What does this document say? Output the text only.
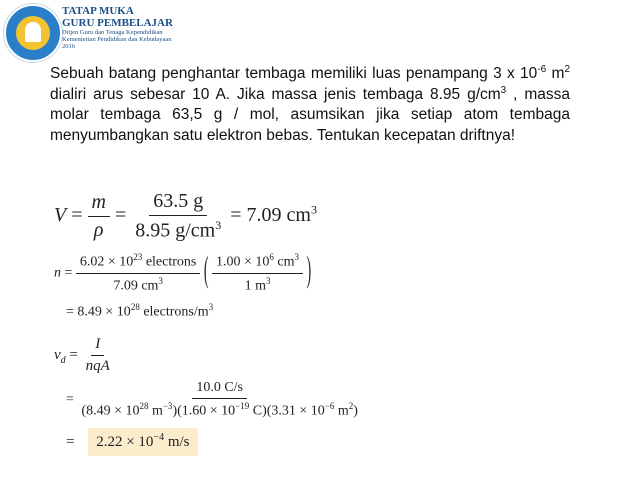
TATAP MUKA
GURU PEMBELAJAR
Ditjen Guru dan Tenaga Kependidikan
Kementerian Pendidikan dan Kebudayaan
2016
Sebuah batang penghantar tembaga memiliki luas penampang 3 x $10^{-6}$ $m^2$ dialiri arus sebesar 10 A. Jika massa jenis tembaga 8.95 $g/cm^3$ , massa molar tembaga 63,5 g / mol, asumsikan jika setiap atom tembaga menyumbangkan satu elektron bebas. Tentukan kecepatan driftnya!
$V = \frac{m}{\rho} = \frac{63.5 g}{8.95 g/cm^3} = 7.09$ $cm^3$
$n = \frac{6.02 \times 10^{23} electrons}{7.09 cm^3}$ ( $\frac{1.00 \times 10^6 cm^3}{1 m^3}$ )
= $8.49 \times 10^{28}$ electrons/$m^3$
$v_d = \frac{I}{\text{nqA}}$
= $\frac{10.0 C/s}{(8.49 \times 10^{28} m^{-3})(1.60 \times 10^{-19} C)(3.31 \times 10^{-6} m^2)}$
= $2.22 \times 10^{-4}$ m/s
